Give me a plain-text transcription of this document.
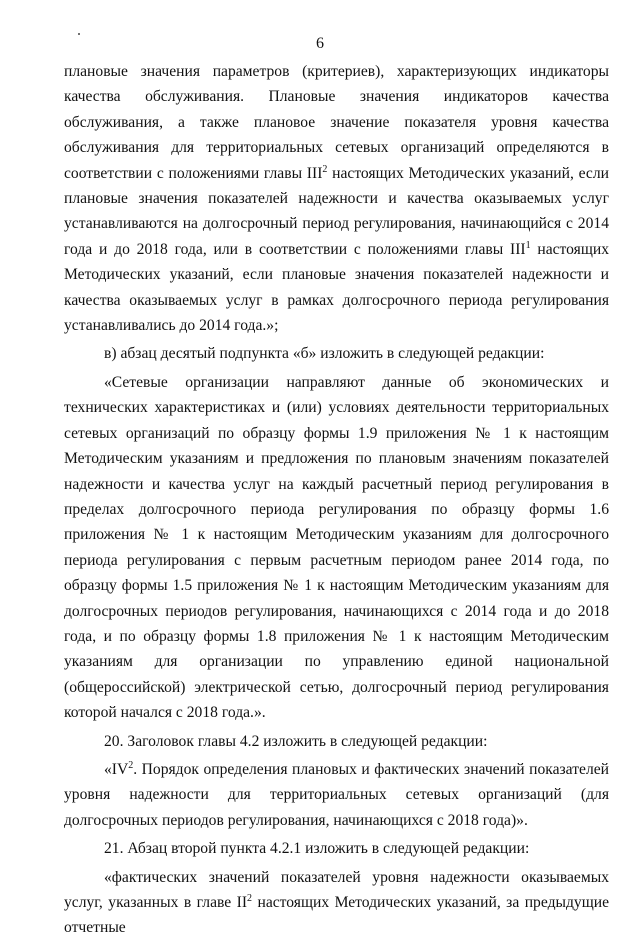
6

плановые значения параметров (критериев), характеризующих индикаторы качества обслуживания. Плановые значения индикаторов качества обслуживания, а также плановое значение показателя уровня качества обслуживания для территориальных сетевых организаций определяются в соответствии с положениями главы III$^2$ настоящих Методических указаний, если плановые значения показателей надежности и качества оказываемых услуг устанавливаются на долгосрочный период регулирования, начинающийся с 2014 года и до 2018 года, или в соответствии с положениями главы III$^1$ настоящих Методических указаний, если плановые значения показателей надежности и качества оказываемых услуг в рамках долгосрочного периода регулирования устанавливались до 2014 года.»;

в) абзац десятый подпункта «б» изложить в следующей редакции:

«Сетевые организации направляют данные об экономических и технических характеристиках и (или) условиях деятельности территориальных сетевых организаций по образцу формы 1.9 приложения № 1 к настоящим Методическим указаниям и предложения по плановым значениям показателей надежности и качества услуг на каждый расчетный период регулирования в пределах долгосрочного периода регулирования по образцу формы 1.6 приложения № 1 к настоящим Методическим указаниям для долгосрочного периода регулирования с первым расчетным периодом ранее 2014 года, по образцу формы 1.5 приложения № 1 к настоящим Методическим указаниям для долгосрочных периодов регулирования, начинающихся с 2014 года и до 2018 года, и по образцу формы 1.8 приложения № 1 к настоящим Методическим указаниям для организации по управлению единой национальной (общероссийской) электрической сетью, долгосрочный период регулирования которой начался с 2018 года.».

20. Заголовок главы 4.2 изложить в следующей редакции:

«$IV^2$. Порядок определения плановых и фактических значений показателей уровня надежности для территориальных сетевых организаций (для долгосрочных периодов регулирования, начинающихся с 2018 года)».

21. Абзац второй пункта 4.2.1 изложить в следующей редакции:

«фактических значений показателей уровня надежности оказываемых услуг, указанных в главе $II^2$ настоящих Методических указаний, за предыдущие отчетные
